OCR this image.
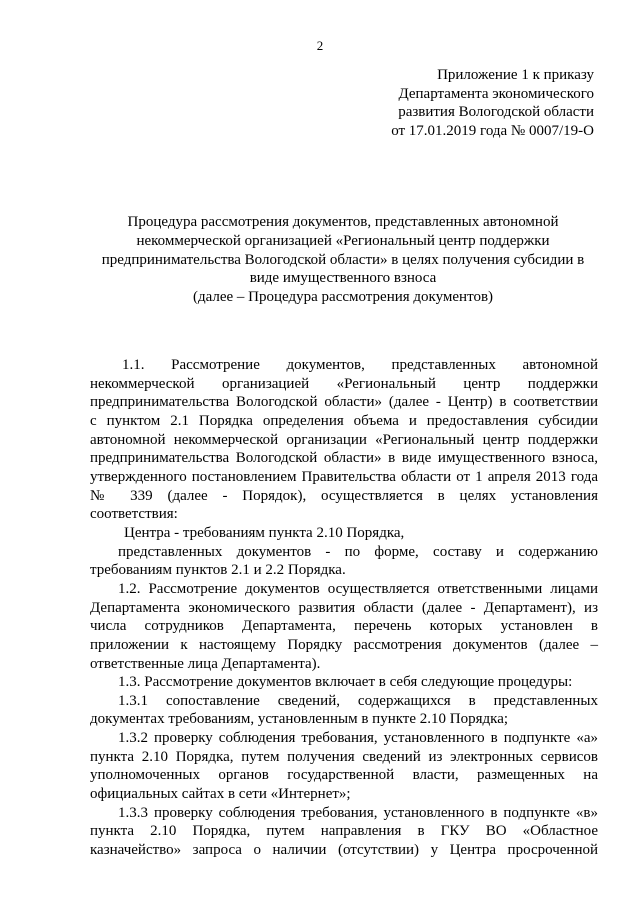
2
Приложение 1 к приказу
Департамента экономического
развития Вологодской области
от 17.01.2019 года № 0007/19-О
Процедура рассмотрения документов, представленных автономной
некоммерческой организацией «Региональный центр поддержки
предпринимательства Вологодской области» в целях получения субсидии в
виде имущественного взноса
(далее – Процедура рассмотрения документов)

1.1. Рассмотрение документов, представленных автономной

некоммерческой организацией «Региональный центр поддержки

предпринимательства Вологодской области» (далее - Центр) в соответствии

с пунктом 2.1 Порядка определения объема и предоставления субсидии

автономной некоммерческой организации «Региональный центр поддержки

предпринимательства Вологодской области» в виде имущественного взноса,

утвержденного постановлением Правительства области от 1 апреля 2013 года

№ 339 (далее - Порядок), осуществляется в целях установления

соответствия:

Центра - требованиям пункта 2.10 Порядка,

представленных документов - по форме, составу и содержанию

требованиям пунктов 2.1 и 2.2 Порядка.

1.2. Рассмотрение документов осуществляется ответственными лицами

Департамента экономического развития области (далее - Департамент), из

числа сотрудников Департамента, перечень которых установлен в

приложении к настоящему Порядку рассмотрения документов (далее –

ответственные лица Департамента).

1.3. Рассмотрение документов включает в себя следующие процедуры:

1.3.1 сопоставление сведений, содержащихся в представленных

документах требованиям, установленным в пункте 2.10 Порядка;

1.3.2 проверку соблюдения требования, установленного в подпункте «а»

пункта 2.10 Порядка, путем получения сведений из электронных сервисов

уполномоченных органов государственной власти, размещенных на

официальных сайтах в сети «Интернет»;

1.3.3 проверку соблюдения требования, установленного в подпункте «в»

пункта 2.10 Порядка, путем направления в ГКУ ВО «Областное

казначейство» запроса о наличии (отсутствии) у Центра просроченной
